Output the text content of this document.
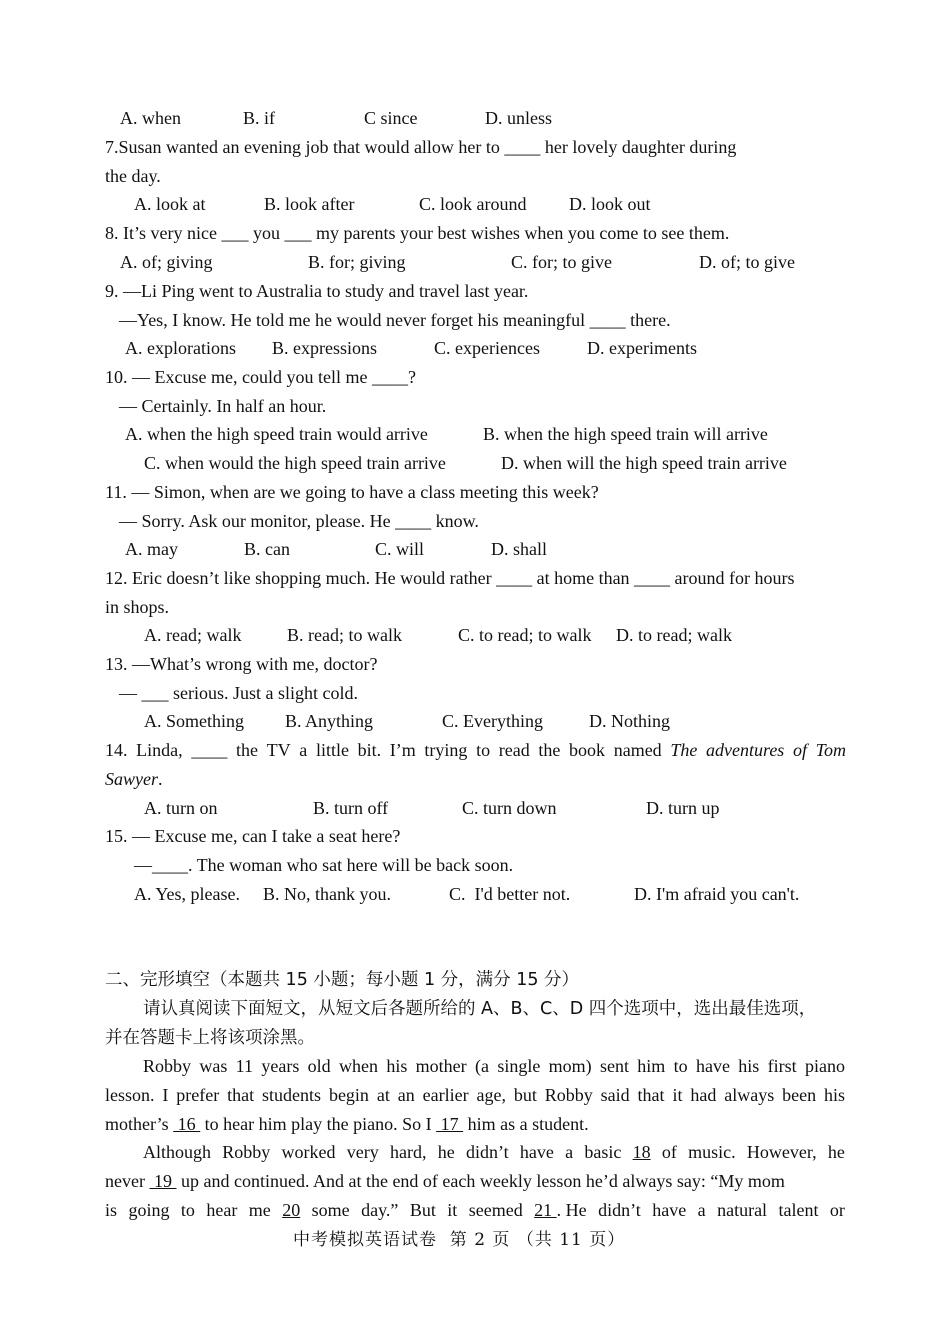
A. when	B. if	C since	D. unless
7.Susan wanted an evening job that would allow her to ____ her lovely daughter during
the day.
A. look at	B. look after	C. look around D. look out
8. It’s very nice ___ you ___ my parents your best wishes when you come to see them.
A. of; giving	B. for; giving	C. for; to give	D. of; to give
9. —Li Ping went to Australia to study and travel last year.
—Yes, I know. He told me he would never forget his meaningful ____ there.
A. explorations B. expressions	C. experiences	D. experiments
10. — Excuse me, could you tell me ____?
— Certainly. In half an hour.
A. when the high speed train would arrive	B. when the high speed train will arrive
C. when would the high speed train arrive	D. when will the high speed train arrive
11. — Simon, when are we going to have a class meeting this week?
— Sorry. Ask our monitor, please. He ____ know.
A. may	B. can	C. will	D. shall
12. Eric doesn’t like shopping much. He would rather ____ at home than ____ around for hours
in shops.
A. read; walk	B. read; to walk	C. to read; to walk D. to read; walk
13. —What’s wrong with me, doctor?
— ___ serious. Just a slight cold.
A. Something B. Anything	C. Everything	D. Nothing
14. Linda, ____ the TV a little bit. I’m trying to read the book named The adventures of Tom
Sawyer.
A. turn on	B. turn off	C. turn down	D. turn up
15. — Excuse me, can I take a seat here?
—____. The woman who sat here will be back soon.
A. Yes, please. B. No, thank you.	C.  I'd better not.	D. I'm afraid you can't.
二、完形填空（本题共 15 小题；每小题 1 分，满分 15 分）
请认真阅读下面短文，从短文后各题所给的 A、B、C、D 四个选项中，选出最佳选项，
并在答题卡上将该项涂黑。
Robby was 11 years old when his mother (a single mom) sent him to have his first piano
lesson. I prefer that students begin at an earlier age, but Robby said that it had always been his
mother’s  16  to hear him play the piano. So I  17  him as a student.
Although Robby worked very hard, he didn’t have a basic 18 of music. However, he
never  19  up and continued. And at the end of each weekly lesson he’d always say: “My mom
is going to hear me 20 some day.” But it seemed 21 . He didn’t have a natural talent or
中考模拟英语试卷  第 2 页 （共 11 页）
